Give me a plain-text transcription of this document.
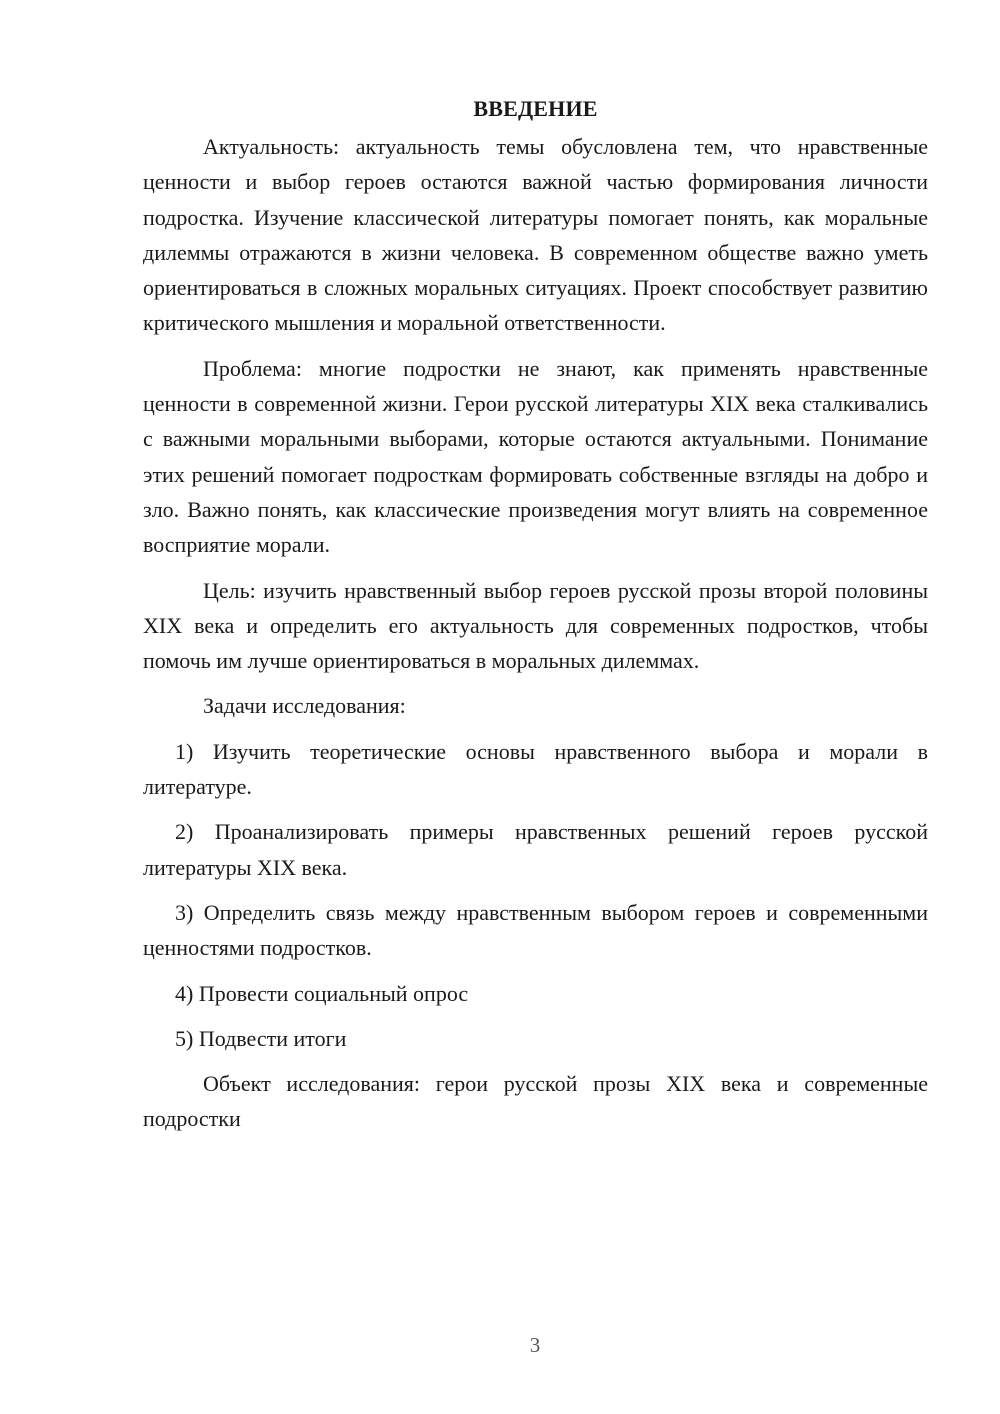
ВВЕДЕНИЕ

Актуальность: актуальность темы обусловлена тем, что нравственные ценности и выбор героев остаются важной частью формирования личности подростка. Изучение классической литературы помогает понять, как моральные дилеммы отражаются в жизни человека. В современном обществе важно уметь ориентироваться в сложных моральных ситуациях. Проект способствует развитию критического мышления и моральной ответственности.

Проблема: многие подростки не знают, как применять нравственные ценности в современной жизни. Герои русской литературы XIX века сталкивались с важными моральными выборами, которые остаются актуальными. Понимание этих решений помогает подросткам формировать собственные взгляды на добро и зло. Важно понять, как классические произведения могут влиять на современное восприятие морали.

Цель: изучить нравственный выбор героев русской прозы второй половины XIX века и определить его актуальность для современных подростков, чтобы помочь им лучше ориентироваться в моральных дилеммах.

Задачи исследования:

1) Изучить теоретические основы нравственного выбора и морали в литературе.

2) Проанализировать примеры нравственных решений героев русской литературы XIX века.

3) Определить связь между нравственным выбором героев и современными ценностями подростков.

4) Провести социальный опрос

5) Подвести итоги

Объект исследования: герои русской прозы XIX века и современные подростки

3
